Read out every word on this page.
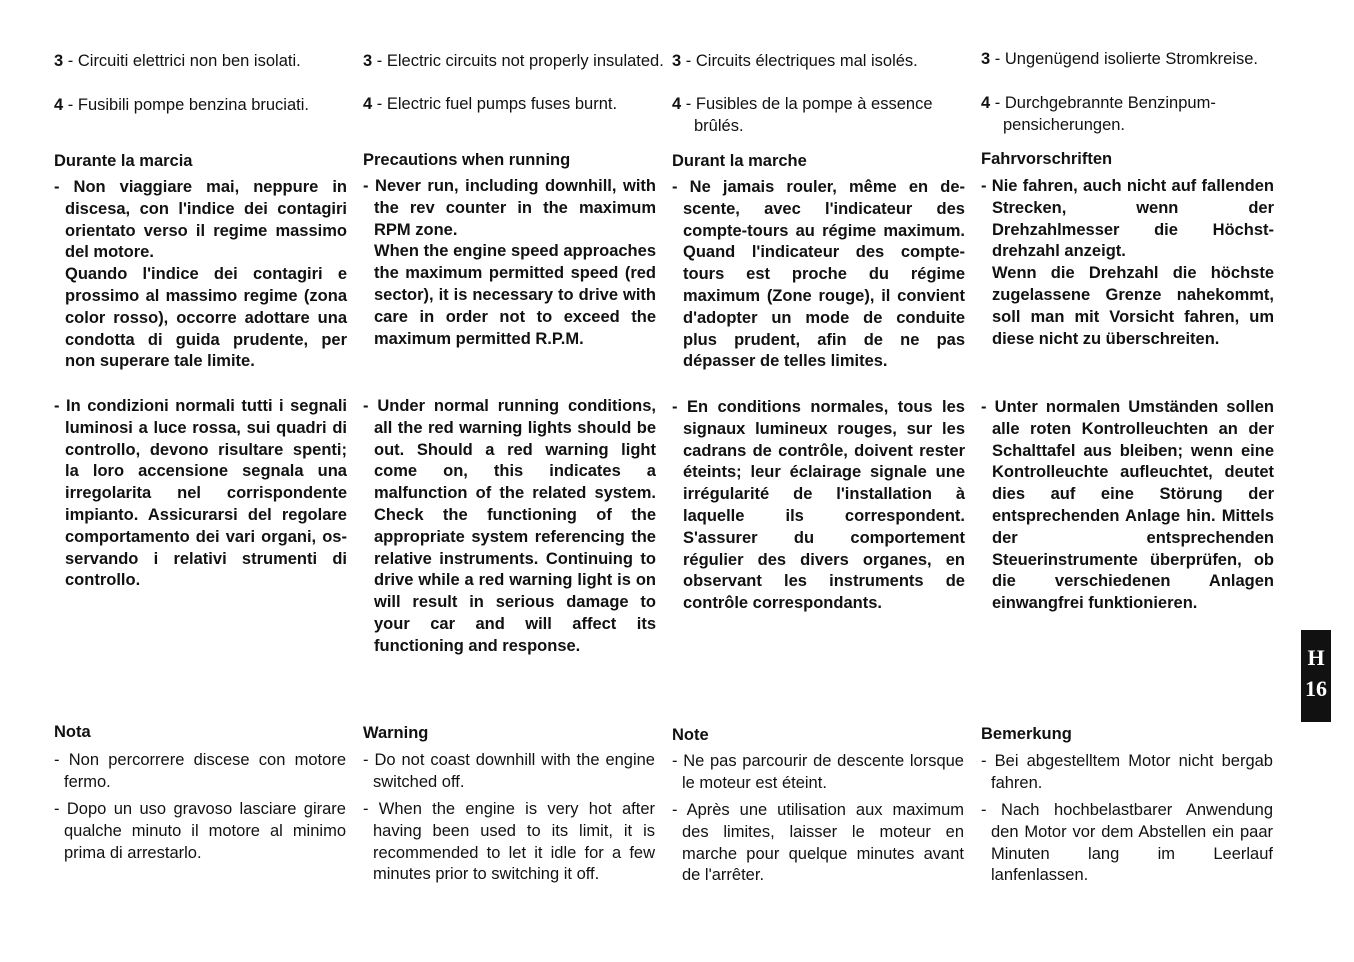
3 - Circuiti elettrici non ben isolati.
4 - Fusibili pompe benzina bruciati.
Durante la marcia
- Non viaggiare mai, neppure in discesa, con l'indice dei contagiri orientato verso il regime massimo del motore.
Quando l'indice dei contagiri e prossimo al massimo regime (zona color rosso), occorre adottare una condotta di guida prudente, per non superare tale limite.
- In condizioni normali tutti i segnali luminosi a luce rossa, sui quadri di controllo, devono risultare spenti; la loro accensione segnala una irregolarita nel corrispondente impianto. Assicurarsi del regolare comportamento dei vari organi, osservando i relativi strumenti di controllo.
Nota
- Non percorrere discese con motore fermo.
- Dopo un uso gravoso lasciare girare qualche minuto il motore al minimo prima di arrestarlo.
3 - Electric circuits not properly insulated.
4 - Electric fuel pumps fuses burnt.
Precautions when running
- Never run, including downhill, with the rev counter in the maximum RPM zone.
When the engine speed approaches the maximum permitted speed (red sector), it is necessary to drive with care in order not to exceed the maximum permitted R.P.M.
- Under normal running conditions, all the red warning lights should be out. Should a red warning light come on, this indicates a malfunction of the related system. Check the functioning of the appropriate system referencing the relative instruments. Continuing to drive while a red warning light is on will result in serious damage to your car and will affect its functioning and response.
Warning
- Do not coast downhill with the engine switched off.
- When the engine is very hot after having been used to its limit, it is recommended to let it idle for a few minutes prior to switching it off.
3 - Circuits électriques mal isolés.
4 - Fusibles de la pompe à essence brûlés.
Durant la marche
- Ne jamais rouler, même en descente, avec l'indicateur des compte-tours au régime maximum. Quand l'indicateur des compte-tours est proche du régime maximum (Zone rouge), il convient d'adopter un mode de conduite plus prudent, afin de ne pas dépasser de telles limites.
- En conditions normales, tous les signaux lumineux rouges, sur les cadrans de contrôle, doivent rester éteints; leur éclairage signale une irrégularité de l'installation à laquelle ils correspondent. S'assurer du comportement régulier des divers organes, en observant les instruments de contrôle correspondants.
Note
- Ne pas parcourir de descente lorsque le moteur est éteint.
- Après une utilisation aux maximum des limites, laisser le moteur en marche pour quelque minutes avant de l'arrêter.
3 - Ungenügend isolierte Stromkreise.
4 - Durchgebrannte Benzinpumpensicherungen.
Fahrvorschriften
- Nie fahren, auch nicht auf fallenden Strecken, wenn der Drehzahlmesser die Höchstdrehzahl anzeigt.
Wenn die Drehzahl die höchste zugelassene Grenze nahekommt, soll man mit Vorsicht fahren, um diese nicht zu überschreiten.
- Unter normalen Umständen sollen alle roten Kontrolleuchten an der Schalttafel aus bleiben; wenn eine Kontrolleuchte aufleuchtet, deutet dies auf eine Störung der entsprechenden Anlage hin. Mittels der entsprechenden Steuerinstrumente überprüfen, ob die verschiedenen Anlagen einwangfrei funktionieren.
Bemerkung
- Bei abgestelltem Motor nicht bergab fahren.
- Nach hochbelastbarer Anwendung den Motor vor dem Abstellen ein paar Minuten lang im Leerlauf lanfenlassen.
H
16
